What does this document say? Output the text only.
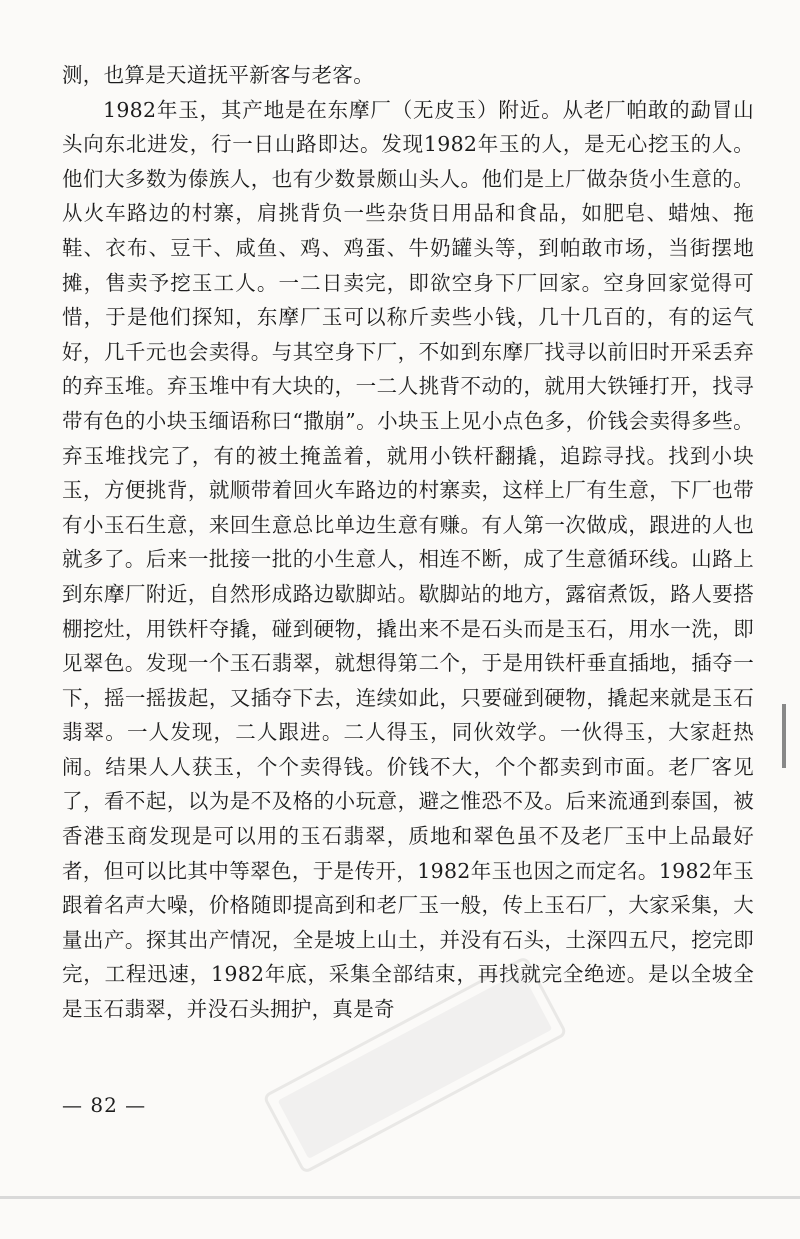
测，也算是天道抚平新客与老客。

1982年玉，其产地是在东摩厂（无皮玉）附近。从老厂帕敢的勐冒山头向东北进发，行一日山路即达。发现1982年玉的人，是无心挖玉的人。他们大多数为傣族人，也有少数景颇山头人。他们是上厂做杂货小生意的。从火车路边的村寨，肩挑背负一些杂货日用品和食品，如肥皂、蜡烛、拖鞋、衣布、豆干、咸鱼、鸡、鸡蛋、牛奶罐头等，到帕敢市场，当街摆地摊，售卖予挖玉工人。一二日卖完，即欲空身下厂回家。空身回家觉得可惜，于是他们探知，东摩厂玉可以称斤卖些小钱，几十几百的，有的运气好，几千元也会卖得。与其空身下厂，不如到东摩厂找寻以前旧时开采丢弃的弃玉堆。弃玉堆中有大块的，一二人挑背不动的，就用大铁锤打开，找寻带有色的小块玉缅语称曰“撒崩”。小块玉上见小点色多，价钱会卖得多些。弃玉堆找完了，有的被土掩盖着，就用小铁杆翻撬，追踪寻找。找到小块玉，方便挑背，就顺带着回火车路边的村寨卖，这样上厂有生意，下厂也带有小玉石生意，来回生意总比单边生意有赚。有人第一次做成，跟进的人也就多了。后来一批接一批的小生意人，相连不断，成了生意循环线。山路上到东摩厂附近，自然形成路边歇脚站。歇脚站的地方，露宿煮饭，路人要搭棚挖灶，用铁杆夺撬，碰到硬物，撬出来不是石头而是玉石，用水一洗，即见翠色。发现一个玉石翡翠，就想得第二个，于是用铁杆垂直插地，插夺一下，摇一摇拔起，又插夺下去，连续如此，只要碰到硬物，撬起来就是玉石翡翠。一人发现，二人跟进。二人得玉，同伙效学。一伙得玉，大家赶热闹。结果人人获玉，个个卖得钱。价钱不大，个个都卖到市面。老厂客见了，看不起，以为是不及格的小玩意，避之惟恐不及。后来流通到泰国，被香港玉商发现是可以用的玉石翡翠，质地和翠色虽不及老厂玉中上品最好者，但可以比其中等翠色，于是传开，1982年玉也因之而定名。1982年玉跟着名声大噪，价格随即提高到和老厂玉一般，传上玉石厂，大家采集，大量出产。探其出产情况，全是坡上山土，并没有石头，土深四五尺，挖完即完，工程迅速，1982年底，采集全部结束，再找就完全绝迹。是以全坡全是玉石翡翠，并没石头拥护，真是奇

— 82 —
